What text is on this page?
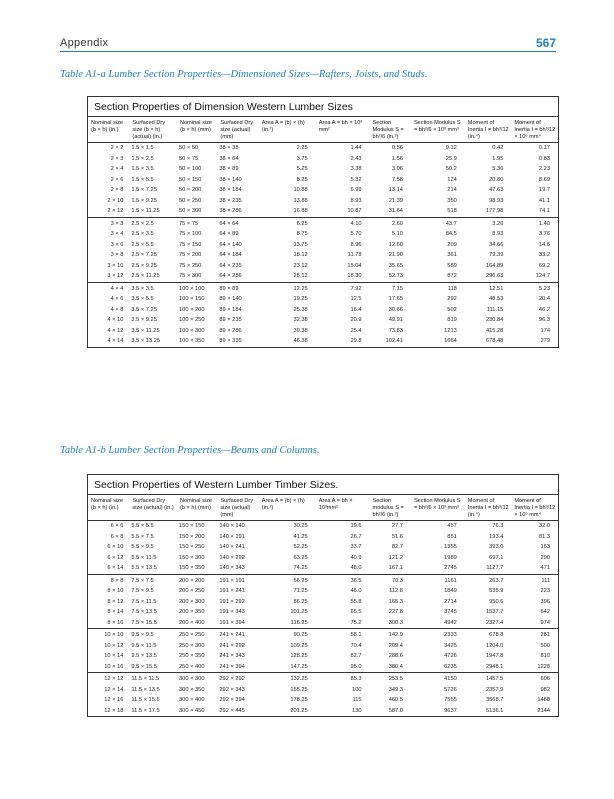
Appendix	567
Table A1-a Lumber Section Properties—Dimensioned Sizes—Rafters, Joists, and Studs.
Section Properties of Dimension Western Lumber Sizes
Nominal size (b × h) (in.)	Surfaced Dry size (b × h) (actual) (in.)	Nominal size (b × h) (mm)	Surfaced Dry size (actual) (mm)	Area A = (b) × (h) (in.²)	Area A = bh × 10³ mm²	Section Modulus S = bh²/6 (in.³)	Section Modulus S = bh²/6 × 10³ mm³	Moment of Inertia I = bh³/12 (in.⁴)	Moment of Inertia I = bh³/12 × 10⁶ mm⁴
2 × 2	1.5 × 1.5	50 × 50	38 × 38	2.25	1.44	0.56	9.12	0.42	0.17
2 × 3	1.5 × 2.5	50 × 75	38 × 64	3.75	2.43	1.56	25.9	1.95	0.83
2 × 4	1.5 × 3.5	50 × 100	38 × 89	5.25	3.38	3.06	50.2	5.36	2.23
2 × 6	1.5 × 5.5	50 × 150	38 × 140	8.25	5.32	7.58	124	20.80	8.69
2 × 8	1.5 × 7.25	50 × 200	38 × 184	10.88	6.99	13.14	214	47.63	19.7
2 × 10	1.5 × 9.25	50 × 250	38 × 235	13.88	8.93	21.39	350	98.93	41.1
2 × 12	1.5 × 11.25	50 × 300	38 × 286	16.88	10.87	31.64	518	177.98	74.1
3 × 3	2.5 × 2.5	75 × 75	64 × 64	6.25	4.10	2.60	43.7	3.26	1.40
3 × 4	2.5 × 3.5	75 × 100	64 × 89	8.75	5.70	5.10	84.5	8.93	3.76
3 × 6	2.5 × 5.5	75 × 150	64 × 140	13.75	8.96	12.60	209	34.66	14.6
3 × 8	2.5 × 7.25	75 × 200	64 × 184	18.12	11.78	21.90	361	79.39	33.2
3 × 10	2.5 × 9.25	75 × 250	64 × 235	23.12	15.04	35.65	589	164.89	69.2
3 × 12	2.5 × 11.25	75 × 300	64 × 286	28.12	18.30	52.73	872	296.63	124.7
4 × 4	3.5 × 3.5	100 × 100	89 × 89	12.25	7.92	7.15	118	12.51	5.23
4 × 6	3.5 × 5.5	100 × 150	89 × 140	19.25	12.5	17.65	292	48.53	20.4
4 × 8	3.5 × 7.25	100 × 200	89 × 184	25.38	16.4	30.66	502	111.15	46.2
4 × 10	3.5 × 9.25	100 × 250	89 × 235	32.38	20.9	49.91	819	230.84	96.3
4 × 12	3.5 × 11.25	100 × 300	89 × 286	39.38	25.4	73.83	1213	415.28	174
4 × 14	3.5 × 13.25	100 × 350	89 × 335	46.38	29.8	102.41	1664	678.48	279
Table A1-b Lumber Section Properties—Beams and Columns.
Section Properties of Western Lumber Timber Sizes.
Nominal size (b × h) (in.)	Surfaced Dry size (actual) (in.)	Nominal size (b × h) (mm)	Surfaced Dry size (actual) (mm)	Area A = (b) × (h) (in.²)	Area A = bh × 10³mm²	Section modulus S = bh²/6 (in.³)	Section Modulus S = bh²/6 × 10³ mm³	Moment of Inertia I = bh³/12 (in.⁴)	Moment of Inertia I = bh³/12 × 10⁶ mm⁴
6 × 6	5.5 × 5.5	150 × 150	140 × 140	30.25	19.6	27.7	457	76.3	32.0
6 × 8	5.5 × 7.5	150 × 200	140 × 191	41.25	26.7	51.6	851	193.4	81.3
6 × 10	5.5 × 9.5	150 × 250	140 × 241	52.25	33.7	82.7	1355	393.0	163
6 × 12	5.5 × 11.5	150 × 300	140 × 292	63.25	40.9	121.2	1989	697.1	290
6 × 14	5.5 × 13.5	150 × 350	140 × 343	74.25	48.0	167.1	2745	1127.7	471
8 × 8	7.5 × 7.5	200 × 200	191 × 191	56.25	36.5	70.3	1161	263.7	111
8 × 10	7.5 × 9.5	200 × 250	191 × 241	71.25	46.0	112.8	1849	535.9	223
8 × 12	7.5 × 11.5	200 × 300	191 × 292	86.25	55.8	165.3	2714	950.6	396
8 × 14	7.5 × 13.5	200 × 350	191 × 343	101.25	65.5	227.8	3745	1537.7	642
8 × 16	7.5 × 15.5	200 × 400	191 × 394	116.25	75.2	300.3	4942	2327.4	974
10 × 10	9.5 × 9.5	250 × 250	241 × 241	90.25	58.1	142.9	2333	678.8	281
10 × 12	9.5 × 11.5	250 × 300	241 × 292	109.25	70.4	209.4	3425	1204.0	500
10 × 14	9.5 × 13.5	250 × 350	241 × 343	128.25	82.7	288.6	4726	1947.8	810
10 × 16	9.5 × 15.5	250 × 400	241 × 394	147.25	95.0	380.4	6235	2948.1	1228
12 × 12	11.5 × 11.5	300 × 300	292 × 292	132.25	85.3	253.5	4150	1457.5	606
12 × 14	11.5 × 13.5	300 × 350	292 × 343	155.25	100	349.3	5726	2357.9	982
12 × 16	11.5 × 15.5	300 × 400	292 × 394	178.25	115	460.5	7555	3568.7	1488
12 × 18	11.5 × 17.5	300 × 450	292 × 445	201.25	130	587.0	9637	5136.1	2144
